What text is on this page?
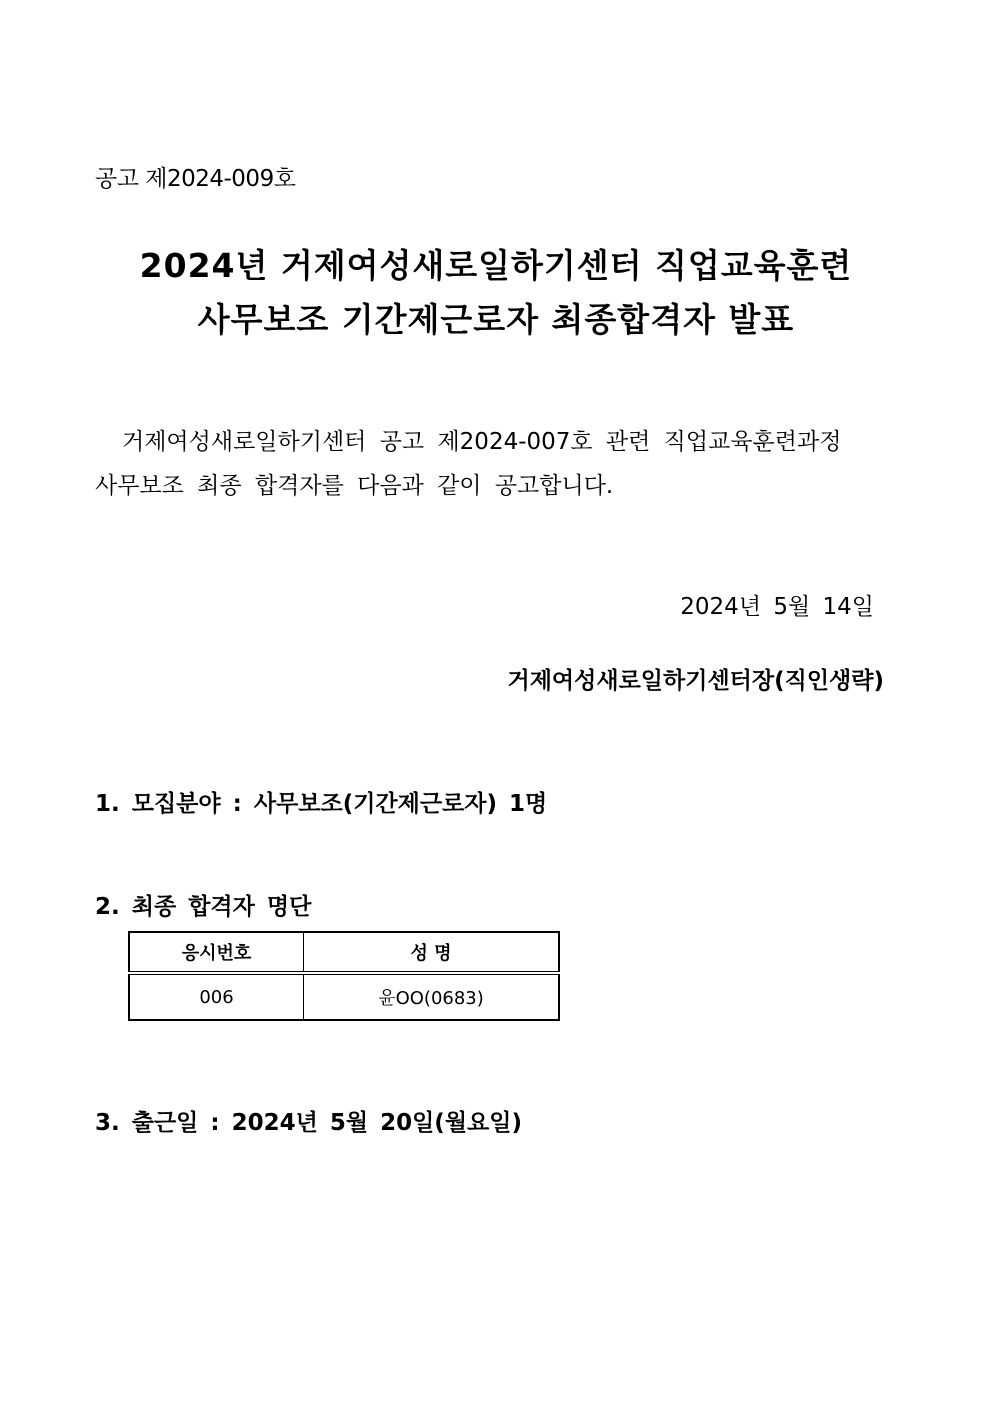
공고 제2024-009호
2024년 거제여성새로일하기센터 직업교육훈련
사무보조 기간제근로자 최종합격자 발표
거제여성새로일하기센터 공고 제2024-007호 관련 직업교육훈련과정
사무보조 최종 합격자를 다음과 같이 공고합니다.
2024년 5월 14일
거제여성새로일하기센터장(직인생략)
1. 모집분야 : 사무보조(기간제근로자) 1명
2. 최종 합격자 명단
응시번호	성 명
006	윤OO(0683)
3. 출근일 : 2024년 5월 20일(월요일)
